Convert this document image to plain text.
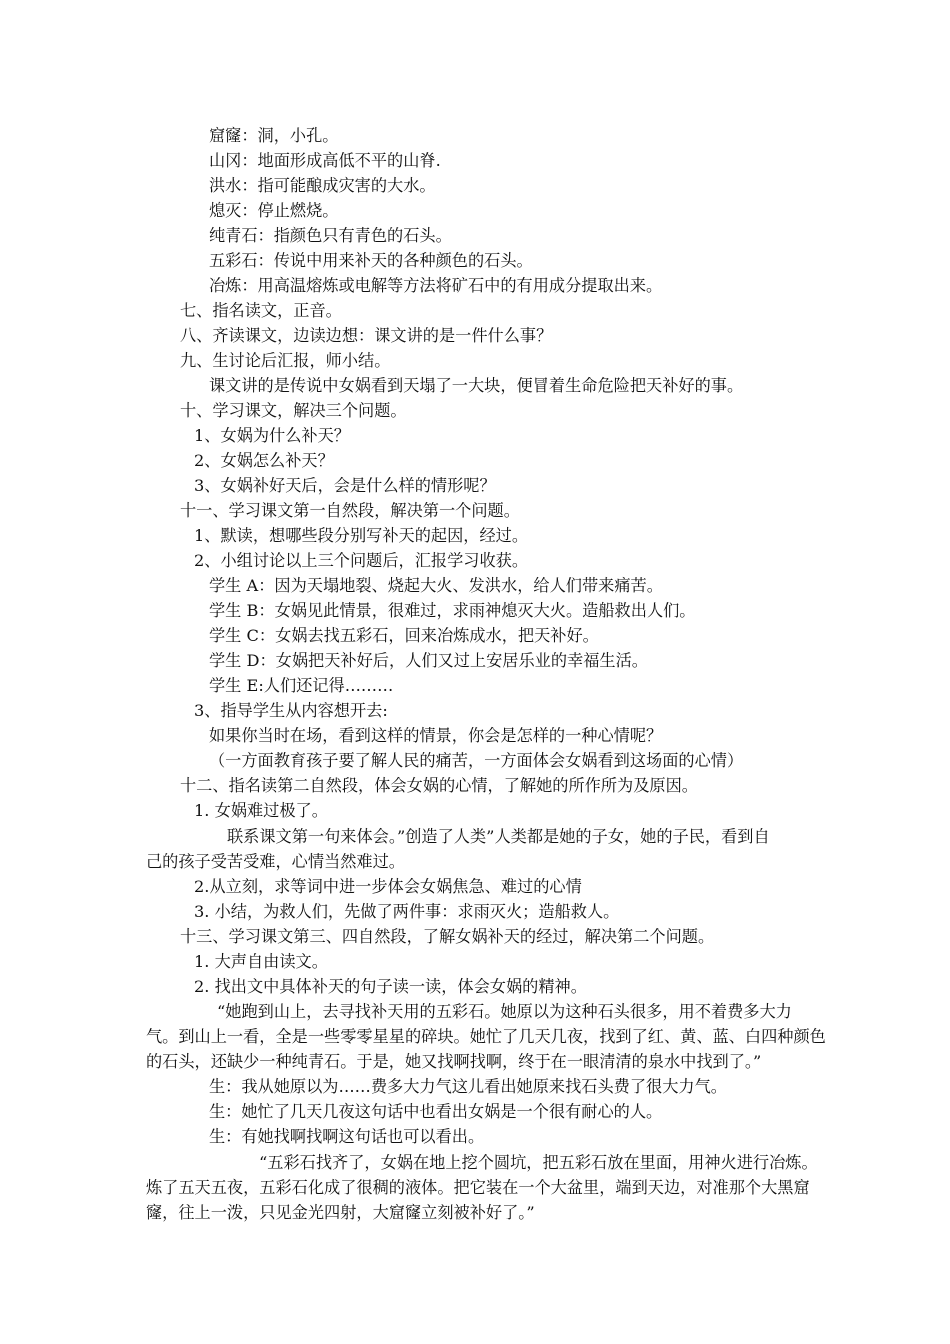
窟窿：洞，小孔。
山冈：地面形成高低不平的山脊.
洪水：指可能酿成灾害的大水。
熄灭：停止燃烧。
纯青石：指颜色只有青色的石头。
五彩石：传说中用来补天的各种颜色的石头。
冶炼：用高温熔炼或电解等方法将矿石中的有用成分提取出来。
七、指名读文，正音。
八、齐读课文，边读边想：课文讲的是一件什么事？
九、生讨论后汇报，师小结。
课文讲的是传说中女娲看到天塌了一大块，便冒着生命危险把天补好的事。
十、学习课文，解决三个问题。
1、女娲为什么补天？
2、女娲怎么补天？
3、女娲补好天后，会是什么样的情形呢？
十一、学习课文第一自然段，解决第一个问题。
1、默读，想哪些段分别写补天的起因，经过。
2、小组讨论以上三个问题后，汇报学习收获。
学生 A：因为天塌地裂、烧起大火、发洪水，给人们带来痛苦。
学生 B：女娲见此情景，很难过，求雨神熄灭大火。造船救出人们。
学生 C：女娲去找五彩石，回来冶炼成水，把天补好。
学生 D：女娲把天补好后，人们又过上安居乐业的幸福生活。
学生 E:人们还记得………
3、指导学生从内容想开去:
如果你当时在场，看到这样的情景，你会是怎样的一种心情呢？
（一方面教育孩子要了解人民的痛苦，一方面体会女娲看到这场面的心情）
十二、指名读第二自然段，体会女娲的心情，了解她的所作所为及原因。
1. 女娲难过极了。
联系课文第一句来体会。”创造了人类”人类都是她的子女，她的子民，看到自
己的孩子受苦受难，心情当然难过。
2.从立刻，求等词中进一步体会女娲焦急、难过的心情
3. 小结，为救人们，先做了两件事：求雨灭火；造船救人。
十三、学习课文第三、四自然段，了解女娲补天的经过，解决第二个问题。
1. 大声自由读文。
2. 找出文中具体补天的句子读一读，体会女娲的精神。
“她跑到山上，去寻找补天用的五彩石。她原以为这种石头很多，用不着费多大力
气。到山上一看，全是一些零零星星的碎块。她忙了几天几夜，找到了红、黄、蓝、白四种颜色
的石头，还缺少一种纯青石。于是，她又找啊找啊，终于在一眼清清的泉水中找到了。”
生：我从她原以为……费多大力气这儿看出她原来找石头费了很大力气。
生：她忙了几天几夜这句话中也看出女娲是一个很有耐心的人。
生：有她找啊找啊这句话也可以看出。
“五彩石找齐了，女娲在地上挖个圆坑，把五彩石放在里面，用神火进行冶炼。
炼了五天五夜，五彩石化成了很稠的液体。把它装在一个大盆里，端到天边，对准那个大黑窟
窿，往上一泼，只见金光四射，大窟窿立刻被补好了。”
